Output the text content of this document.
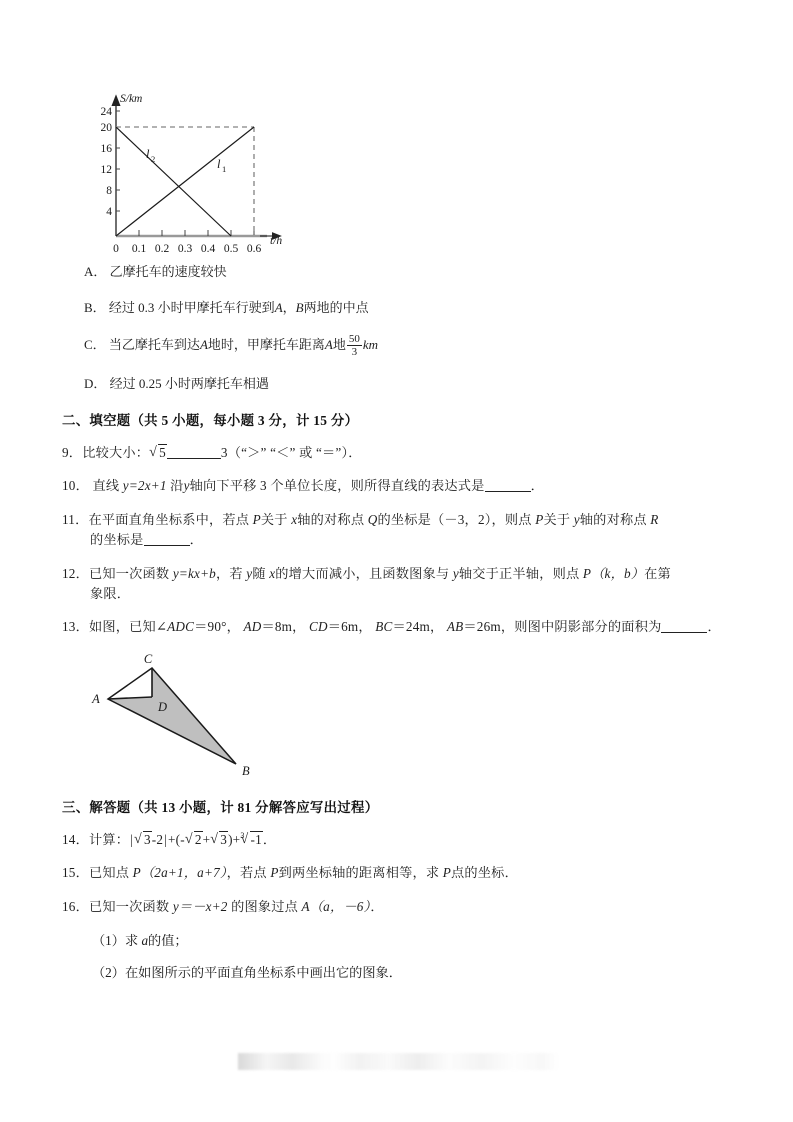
S/km
t/h
4
8
12
16
20
24
0 0.1 0.2 0.3 0.4 0.5 0.6
l 2	l 1
A． 乙摩托车的速度较快
B． 经过 0.3 小时甲摩托车行驶到A，B两地的中点
C． 当乙摩托车到达A地时，甲摩托车距离A地 $\frac{50}{3}$ km
D． 经过 0.25 小时两摩托车相遇
二、填空题（共 5 小题，每小题 3 分，计 15 分）
9．比较大小： √ 5	3（“＞” “＜” 或 “＝”）．
10． 直线 y=2x+1 沿y轴向下平移 3 个单位长度，则所得直线的表达式是	．
11．在平面直角坐标系中，若点 P关于 x轴的对称点 Q的坐标是（－3，2），则点 P关于 y轴的对称点 R
的坐标是	．
12．已知一次函数 y=kx+b，若 y随 x的增大而减小，且函数图象与 y轴交于正半轴，则点 P（k，b）在第
象限．
13．如图，已知∠ADC＝90°， AD＝8m， CD＝6m， BC＝24m， AB＝26m，则图中阴影部分的面积为	．
C
A
D
B
三、解答题（共 13 小题，计 81 分解答应写出过程）
14．计算：| √ 3-2|+(- √ 2+ √ 3)+$^3$ √ -1．
15．已知点 P（2a+1，a+7），若点 P到两坐标轴的距离相等，求 P点的坐标．
16．已知一次函数 y＝－x+2 的图象过点 A（a，－6）．
（1）求 a的值；
（2）在如图所示的平面直角坐标系中画出它的图象．
